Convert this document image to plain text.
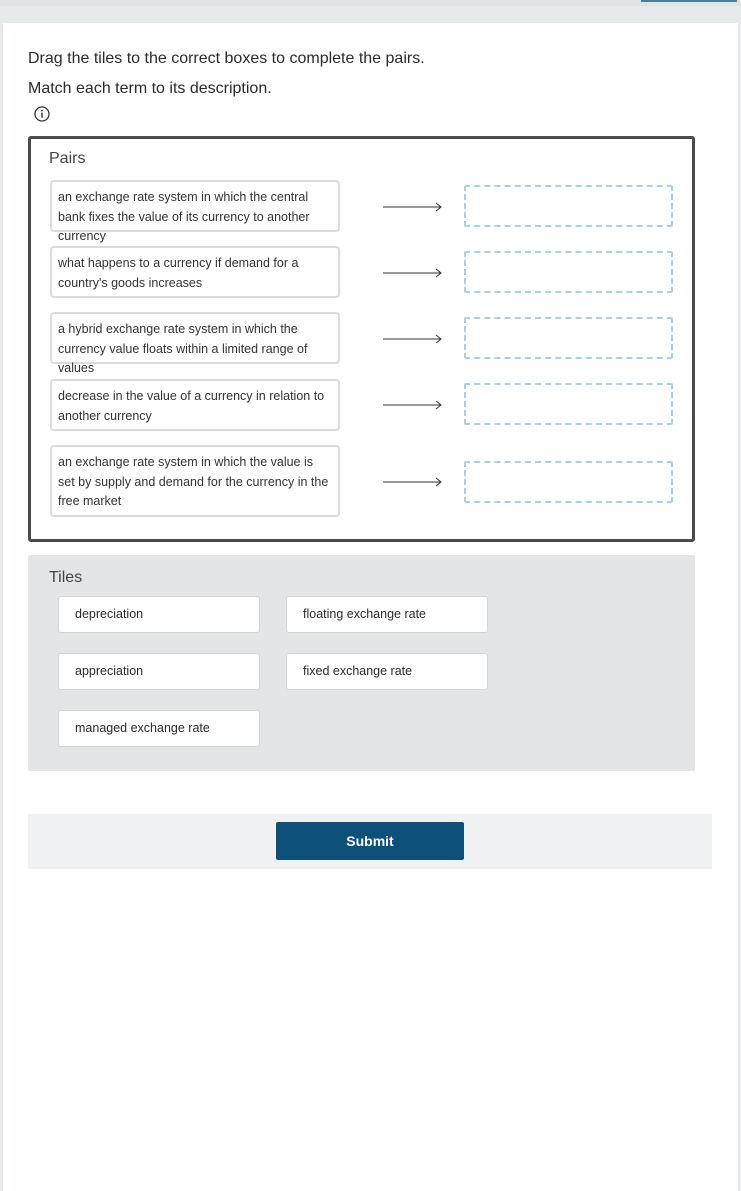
Drag the tiles to the correct boxes to complete the pairs.

Match each term to its description.

Pairs
an exchange rate system in which the central bank fixes the value of its currency to another currency
what happens to a currency if demand for a country's goods increases
a hybrid exchange rate system in which the currency value floats within a limited range of values
decrease in the value of a currency in relation to another currency
an exchange rate system in which the value is set by supply and demand for the currency in the free market
Tiles
depreciation	floating exchange rate
appreciation	fixed exchange rate
managed exchange rate
Submit
